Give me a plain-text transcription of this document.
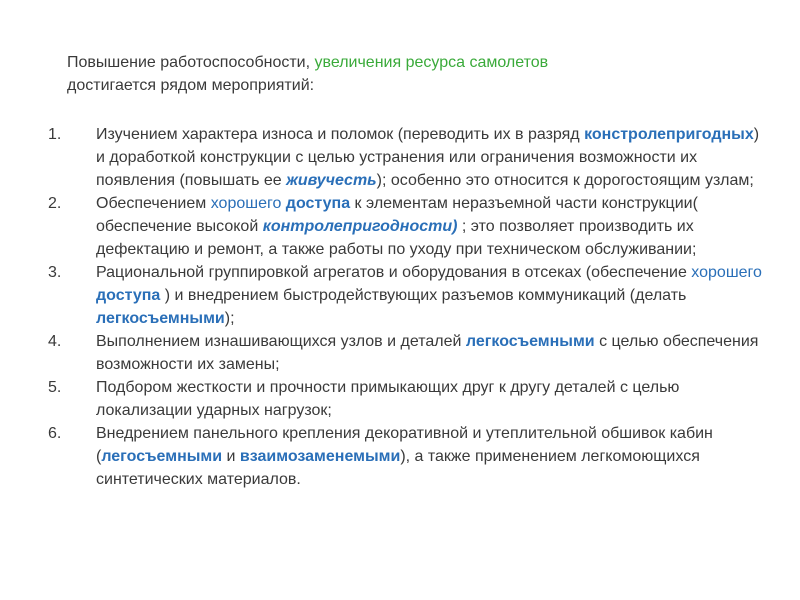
Повышение работоспособности, увеличения ресурса самолетов
достигается рядом мероприятий:
1. Изучением характера износа и поломок (переводить их в разряд констролепригодных) и доработкой конструкции с целью устранения или ограничения возможности их появления (повышать ее живучесть); особенно это относится к дорогостоящим узлам;
2. Обеспечением хорошего доступа к элементам неразъемной части конструкции( обеспечение высокой контролепригодности) ; это позволяет производить их дефектацию и ремонт, а также работы по уходу при техническом обслуживании;
3. Рациональной группировкой агрегатов и оборудования в отсеках (обеспечение хорошего доступа ) и внедрением быстродействующих разъемов коммуникаций (делать легкосъемными);
4. Выполнением изнашивающихся узлов и деталей легкосъемными с целью обеспечения возможности их замены;
5. Подбором жесткости и прочности примыкающих друг к другу деталей с целью локализации ударных нагрузок;
6. Внедрением панельного крепления декоративной и утеплительной обшивок кабин (легосъемными и взаимозаменемыми), а также применением легкомоющихся синтетических материалов.
